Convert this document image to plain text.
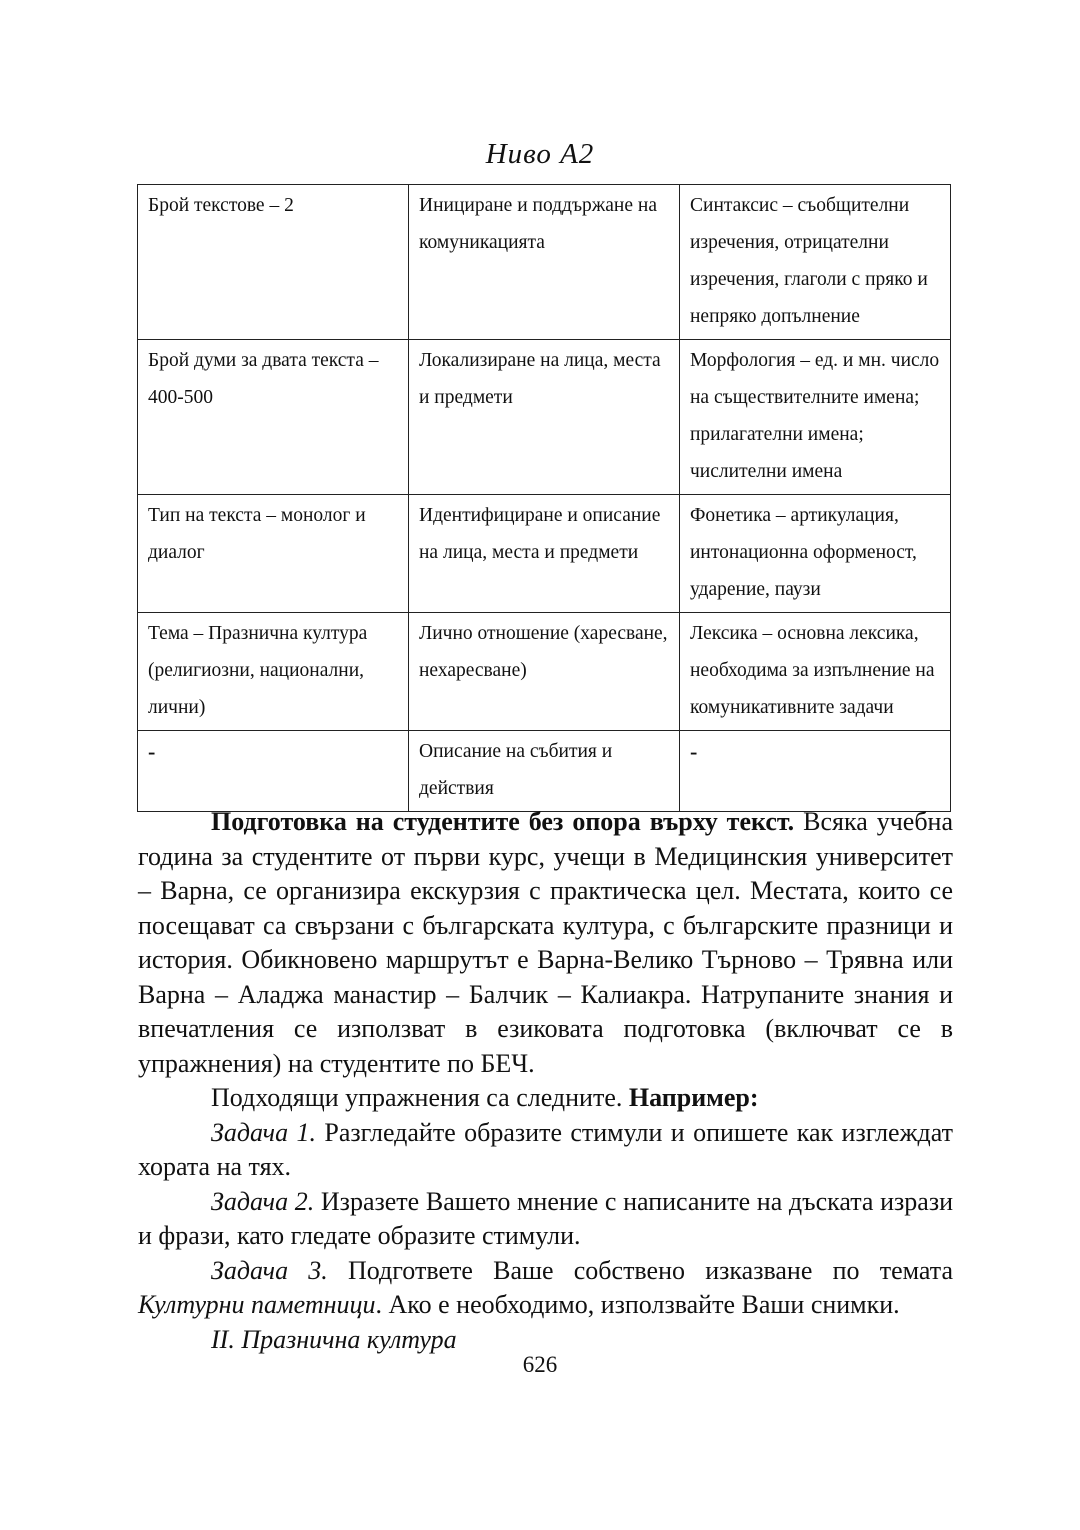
Ниво А2
Брой текстове – 2	Инициране и поддържане на комуникацията	Синтаксис – съобщителни изречения, отрицателни изречения, глаголи с пряко и непряко допълнение
Брой думи за двата текста – 400-500	Локализиране на лица, места и предмети	Морфология – ед. и мн. число на съществителните имена; прилагателни имена; числителни имена
Тип на текста – монолог и диалог	Идентифициране и описание на лица, места и предмети	Фонетика – артикулация, интонационна оформеност, ударение, паузи
Тема – Празнична култура (религиозни, национални, лични)	Лично отношение (харесване, нехаресване)	Лексика – основна лексика, необходима за изпълнение на комуникативните задачи
-	Описание на събития и действия	-

Подготовка на студентите без опора върху текст. Всяка учебна година за студентите от първи курс, учещи в Медицинския университет – Варна, се организира екскурзия с практическа цел. Местата, които се посещават са свързани с българската култура, с българските празници и история. Обикновено маршрутът е Варна-Велико Търново – Трявна или Варна – Аладжа манастир – Балчик – Калиакра. Натрупаните знания и впечатления се използват в езиковата подготовка (включват се в упражнения) на студентите по БЕЧ.

Подходящи упражнения са следните. Например:

Задача 1. Разгледайте образите стимули и опишете как изглеждат хората на тях.

Задача 2. Изразете Вашето мнение с написаните на дъската изрази и фрази, като гледате образите стимули.

Задача 3. Подгответе Ваше собствено изказване по темата Културни паметници. Ако е необходимо, използвайте Ваши снимки.

II. Празнична култура

626
